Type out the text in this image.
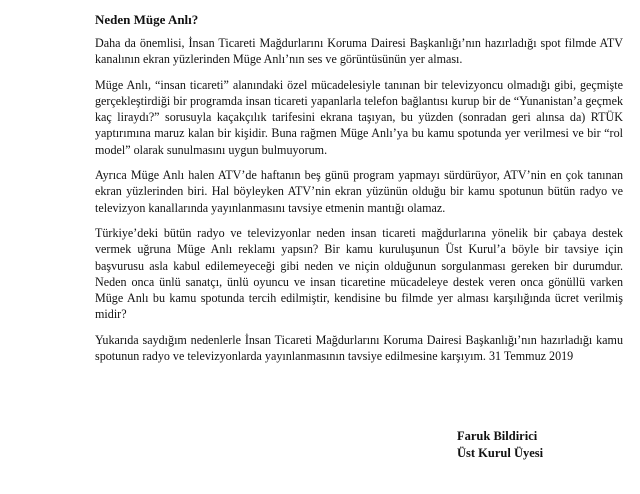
Neden Müge Anlı?

Daha da önemlisi, İnsan Ticareti Mağdurlarını Koruma Dairesi Başkanlığı’nın hazırladığı spot filmde ATV kanalının ekran yüzlerinden Müge Anlı’nın ses ve görüntüsünün yer alması.

Müge Anlı, “insan ticareti” alanındaki özel mücadelesiyle tanınan bir televizyoncu olmadığı gibi, geçmişte gerçekleştirdiği bir programda insan ticareti yapanlarla telefon bağlantısı kurup bir de “Yunanistan’a geçmek kaç liraydı?” sorusuyla kaçakçılık tarifesini ekrana taşıyan, bu yüzden (sonradan geri alınsa da) RTÜK yaptırımına maruz kalan bir kişidir. Buna rağmen Müge Anlı’ya bu kamu spotunda yer verilmesi ve bir “rol model” olarak sunulmasını uygun bulmuyorum.

Ayrıca Müge Anlı halen ATV’de haftanın beş günü program yapmayı sürdürüyor, ATV’nin en çok tanınan ekran yüzlerinden biri. Hal böyleyken ATV’nin ekran yüzünün olduğu bir kamu spotunun bütün radyo ve televizyon kanallarında yayınlanmasını tavsiye etmenin mantığı olamaz.

Türkiye’deki bütün radyo ve televizyonlar neden insan ticareti mağdurlarına yönelik bir çabaya destek vermek uğruna Müge Anlı reklamı yapsın? Bir kamu kuruluşunun Üst Kurul’a böyle bir tavsiye için başvurusu asla kabul edilemeyeceği gibi neden ve niçin olduğunun sorgulanması gereken bir durumdur. Neden onca ünlü sanatçı, ünlü oyuncu ve insan ticaretine mücadeleye destek veren onca gönüllü varken Müge Anlı bu kamu spotunda tercih edilmiştir, kendisine bu filmde yer alması karşılığında ücret verilmiş midir?

Yukarıda saydığım nedenlerle İnsan Ticareti Mağdurlarını Koruma Dairesi Başkanlığı’nın hazırladığı kamu spotunun radyo ve televizyonlarda yayınlanmasının tavsiye edilmesine karşıyım. 31 Temmuz 2019

Faruk Bildirici
Üst Kurul Üyesi
